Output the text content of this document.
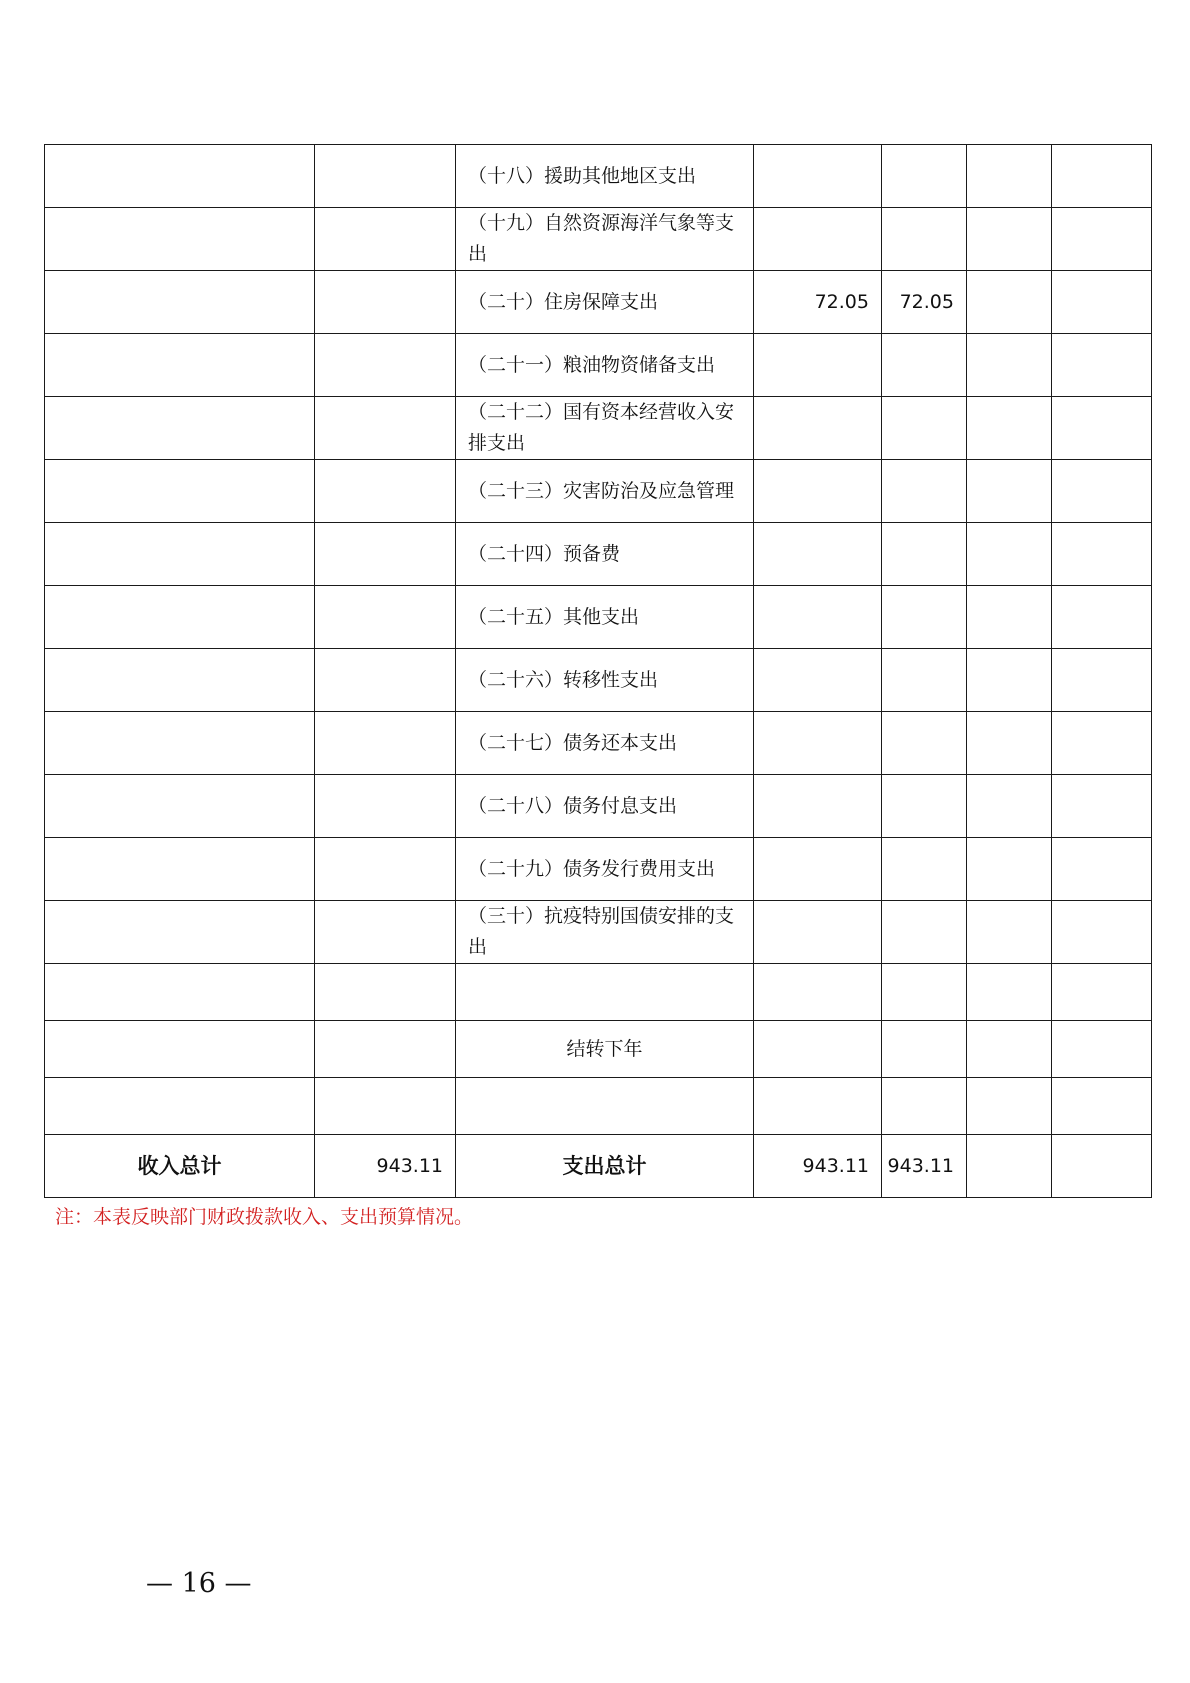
		（十八）援助其他地区支出				
		（十九）自然资源海洋气象等支出				
		（二十）住房保障支出	72.05	72.05		
		（二十一）粮油物资储备支出				
		（二十二）国有资本经营收入安排支出				
		（二十三）灾害防治及应急管理				
		（二十四）预备费				
		（二十五）其他支出				
		（二十六）转移性支出				
		（二十七）债务还本支出				
		（二十八）债务付息支出				
		（二十九）债务发行费用支出				
		（三十）抗疫特别国债安排的支出				

		结转下年				

收入总计	943.11	支出总计	943.11	943.11		
注：本表反映部门财政拨款收入、支出预算情况。
— 16 —
